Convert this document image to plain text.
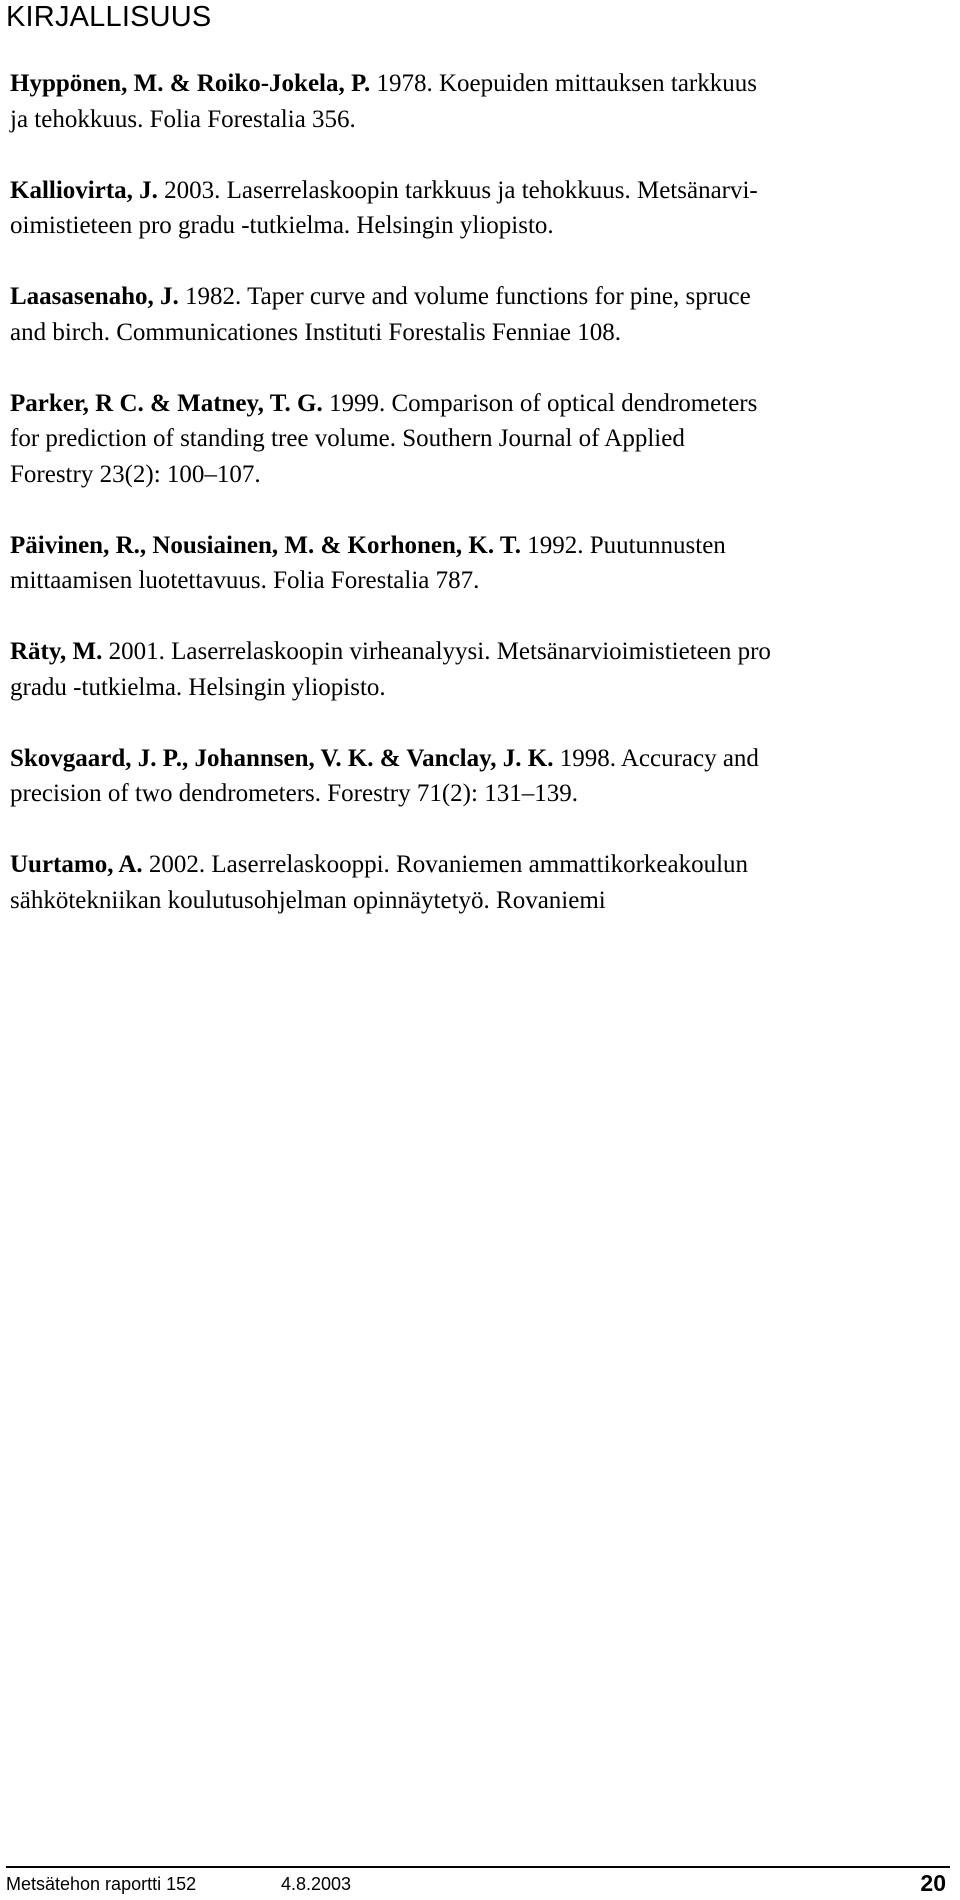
KIRJALLISUUS
Hyppönen, M. & Roiko-Jokela, P. 1978. Koepuiden mittauksen tarkkuus
ja tehokkuus. Folia Forestalia 356.
Kalliovirta, J. 2003. Laserrelaskoopin tarkkuus ja tehokkuus. Metsänarvi-
oimistieteen pro gradu -tutkielma. Helsingin yliopisto.
Laasasenaho, J. 1982. Taper curve and volume functions for pine, spruce
and birch. Communicationes Instituti Forestalis Fenniae 108.
Parker, R C. & Matney, T. G. 1999. Comparison of optical dendrometers
for prediction of standing tree volume. Southern Journal of Applied
Forestry 23(2): 100–107.
Päivinen, R., Nousiainen, M. & Korhonen, K. T. 1992. Puutunnusten
mittaamisen luotettavuus. Folia Forestalia 787.
Räty, M. 2001. Laserrelaskoopin virheanalyysi. Metsänarvioimistieteen pro
gradu -tutkielma. Helsingin yliopisto.
Skovgaard, J. P., Johannsen, V. K. & Vanclay, J. K. 1998. Accuracy and
precision of two dendrometers. Forestry 71(2): 131–139.
Uurtamo, A. 2002. Laserrelaskooppi. Rovaniemen ammattikorkeakoulun
sähkötekniikan koulutusohjelman opinnäytetyö. Rovaniemi
Metsätehon raportti 152	4.8.2003	20
